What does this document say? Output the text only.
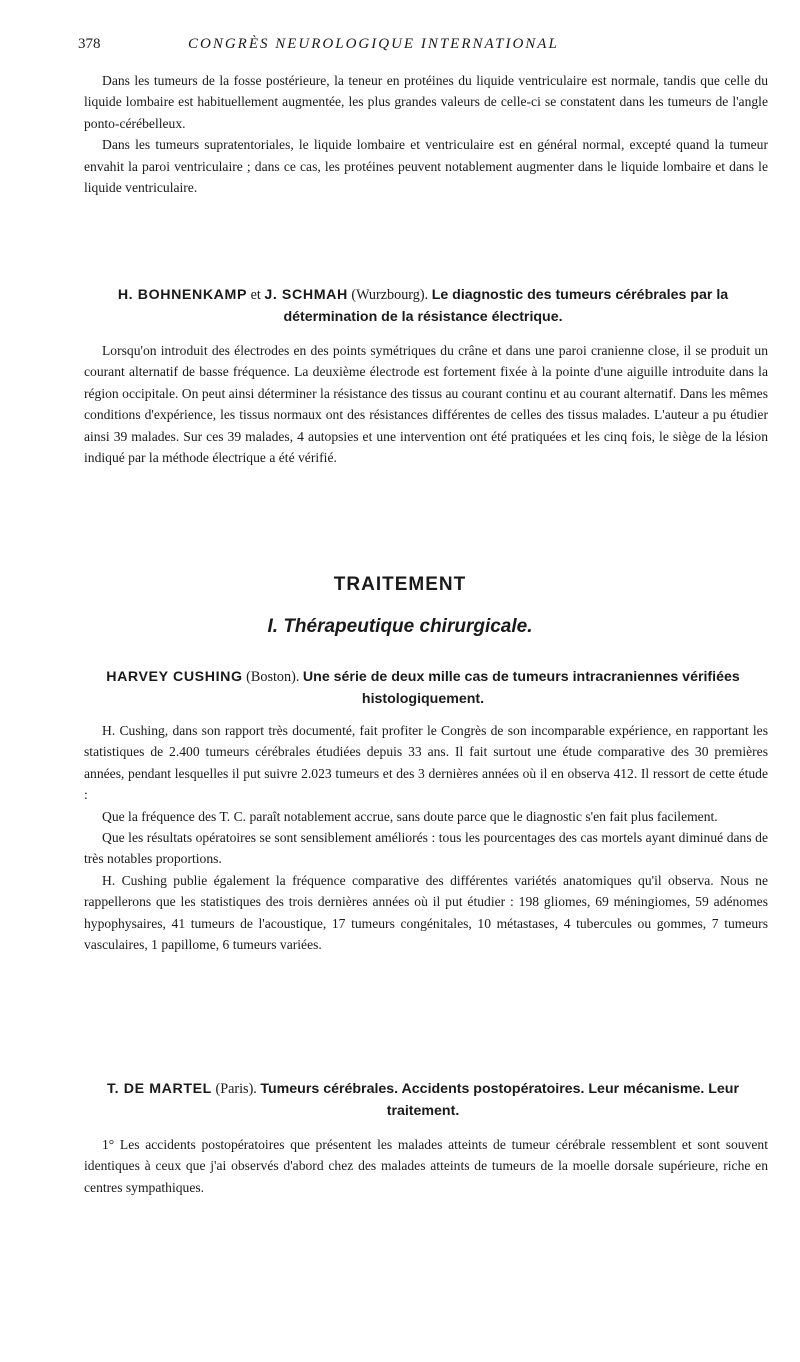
378	CONGRÈS NEUROLOGIQUE INTERNATIONAL

Dans les tumeurs de la fosse postérieure, la teneur en protéines du liquide ventriculaire est normale, tandis que celle du liquide lombaire est habituellement augmentée, les plus grandes valeurs de celle-ci se constatent dans les tumeurs de l'angle ponto-cérébelleux.

Dans les tumeurs supratentoriales, le liquide lombaire et ventriculaire est en général normal, excepté quand la tumeur envahit la paroi ventriculaire ; dans ce cas, les protéines peuvent notablement augmenter dans le liquide lombaire et dans le liquide ventriculaire.

H. BOHNENKAMP et J. SCHMAH (Wurzbourg). Le diagnostic des tumeurs cérébrales par la détermination de la résistance électrique.

Lorsqu'on introduit des électrodes en des points symétriques du crâne et dans une paroi cranienne close, il se produit un courant alternatif de basse fréquence. La deuxième électrode est fortement fixée à la pointe d'une aiguille introduite dans la région occipitale. On peut ainsi déterminer la résistance des tissus au courant continu et au courant alternatif. Dans les mêmes conditions d'expérience, les tissus normaux ont des résistances différentes de celles des tissus malades. L'auteur a pu étudier ainsi 39 malades. Sur ces 39 malades, 4 autopsies et une intervention ont été pratiquées et les cinq fois, le siège de la lésion indiqué par la méthode électrique a été vérifié.

TRAITEMENT
I. Thérapeutique chirurgicale.

HARVEY CUSHING (Boston). Une série de deux mille cas de tumeurs intracraniennes vérifiées histologiquement.

H. Cushing, dans son rapport très documenté, fait profiter le Congrès de son incomparable expérience, en rapportant les statistiques de 2.400 tumeurs cérébrales étudiées depuis 33 ans. Il fait surtout une étude comparative des 30 premières années, pendant lesquelles il put suivre 2.023 tumeurs et des 3 dernières années où il en observa 412. Il ressort de cette étude :

Que la fréquence des T. C. paraît notablement accrue, sans doute parce que le diagnostic s'en fait plus facilement.

Que les résultats opératoires se sont sensiblement améliorés : tous les pourcentages des cas mortels ayant diminué dans de très notables proportions.

H. Cushing publie également la fréquence comparative des différentes variétés anatomiques qu'il observa. Nous ne rappellerons que les statistiques des trois dernières années où il put étudier : 198 gliomes, 69 méningiomes, 59 adénomes hypophysaires, 41 tumeurs de l'acoustique, 17 tumeurs congénitales, 10 métastases, 4 tubercules ou gommes, 7 tumeurs vasculaires, 1 papillome, 6 tumeurs variées.

T. DE MARTEL (Paris). Tumeurs cérébrales. Accidents postopératoires. Leur mécanisme. Leur traitement.

1° Les accidents postopératoires que présentent les malades atteints de tumeur cérébrale ressemblent et sont souvent identiques à ceux que j'ai observés d'abord chez des malades atteints de tumeurs de la moelle dorsale supérieure, riche en centres sympathiques.
